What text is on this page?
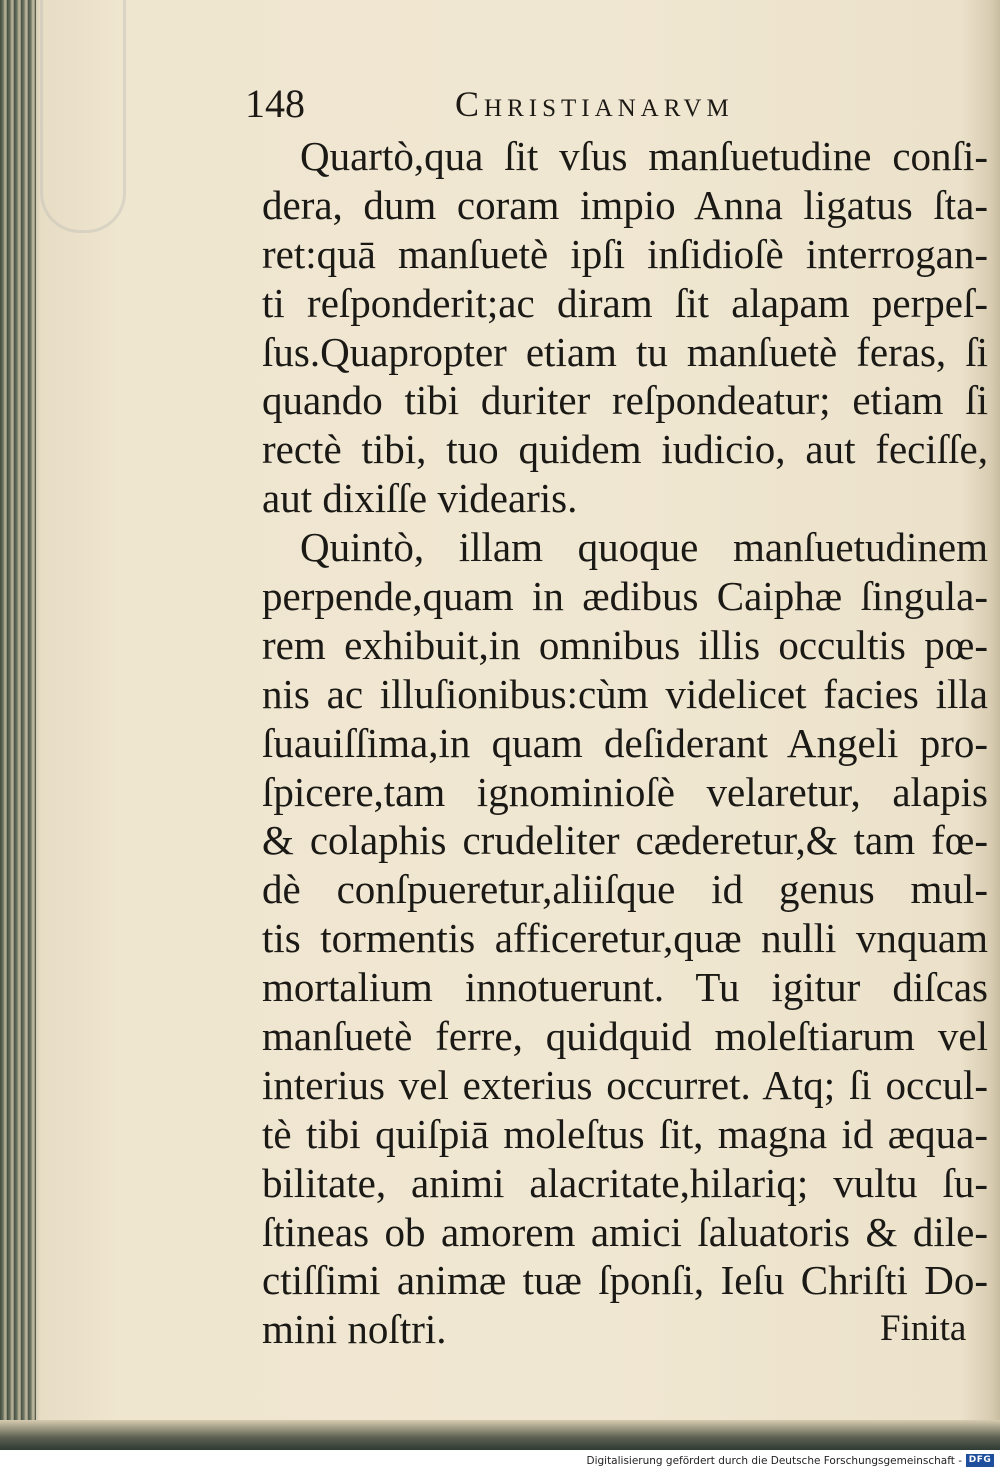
148	Christianarvm
Quartò,qua ſit vſus manſuetudine conſi-
dera, dum coram impio Anna ligatus ſta-
ret:quā manſuetè ipſi inſidioſè interrogan-
ti reſponderit;ac diram ſit alapam perpeſ-
ſus.Quapropter etiam tu manſuetè feras, ſi
quando tibi duriter reſpondeatur; etiam ſi
rectè tibi, tuo quidem iudicio, aut feciſſe,
aut dixiſſe videaris.
Quintò, illam quoque manſuetudinem
perpende,quam in ædibus Caiphæ ſingula-
rem exhibuit,in omnibus illis occultis pœ-
nis ac illuſionibus:cùm videlicet facies illa
ſuauiſſima,in quam deſiderant Angeli pro-
ſpicere,tam ignominioſè velaretur, alapis
& colaphis crudeliter cæderetur,& tam fœ-
dè conſpueretur,aliiſque id genus mul-
tis tormentis afficeretur,quæ nulli vnquam
mortalium innotuerunt. Tu igitur diſcas
manſuetè ferre, quidquid moleſtiarum vel
interius vel exterius occurret. Atq; ſi occul-
tè tibi quiſpiā moleſtus ſit, magna id æqua-
bilitate, animi alacritate,hilariq; vultu ſu-
ſtineas ob amorem amici ſaluatoris & dile-
ctiſſimi animæ tuæ ſponſi, Ieſu Chriſti Do-
mini noſtri.	Finita
Digitalisierung gefördert durch die Deutsche Forschungsgemeinschaft - DFG
